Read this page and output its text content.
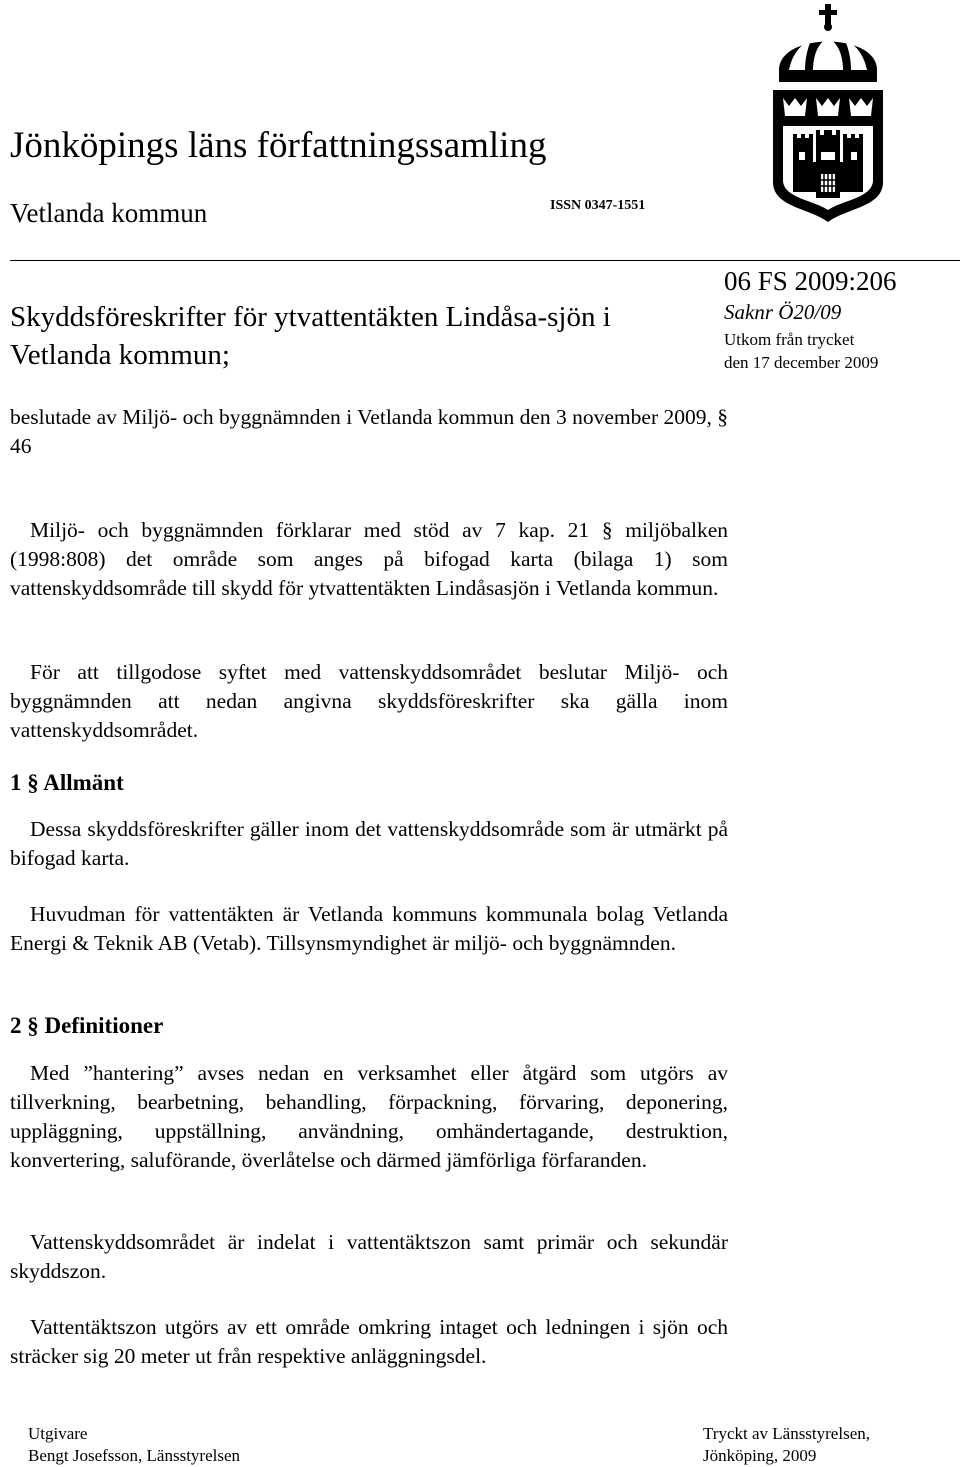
Jönköpings läns författningssamling
Vetlanda kommun	ISSN 0347-1551
Skyddsföreskrifter för ytvattentäkten Lindåsa-sjön i Vetlanda kommun;
06 FS 2009:206
Saknr Ö20/09
Utkom från trycket
den 17 december 2009
beslutade av Miljö- och byggnämnden i Vetlanda kommun den 3 november 2009, § 46
Miljö- och byggnämnden förklarar med stöd av 7 kap. 21 § miljöbalken (1998:808) det område som anges på bifogad karta (bilaga 1) som vattenskyddsområde till skydd för ytvattentäkten Lindåsasjön i Vetlanda kommun.
För att tillgodose syftet med vattenskyddsområdet beslutar Miljö- och byggnämnden att nedan angivna skyddsföreskrifter ska gälla inom vattenskyddsområdet.
1 § Allmänt
Dessa skyddsföreskrifter gäller inom det vattenskyddsområde som är utmärkt på bifogad karta.
Huvudman för vattentäkten är Vetlanda kommuns kommunala bolag Vetlanda Energi & Teknik AB (Vetab). Tillsynsmyndighet är miljö- och byggnämnden.
2 § Definitioner
Med ”hantering” avses nedan en verksamhet eller åtgärd som utgörs av tillverkning, bearbetning, behandling, förpackning, förvaring, deponering, uppläggning, uppställning, användning, omhändertagande, destruktion, konvertering, saluförande, överlåtelse och därmed jämförliga förfaranden.
Vattenskyddsområdet är indelat i vattentäktszon samt primär och sekundär skyddszon.
Vattentäktszon utgörs av ett område omkring intaget och ledningen i sjön och sträcker sig 20 meter ut från respektive anläggningsdel.
Utgivare
Bengt Josefsson, Länsstyrelsen
Tryckt av Länsstyrelsen,
Jönköping, 2009
